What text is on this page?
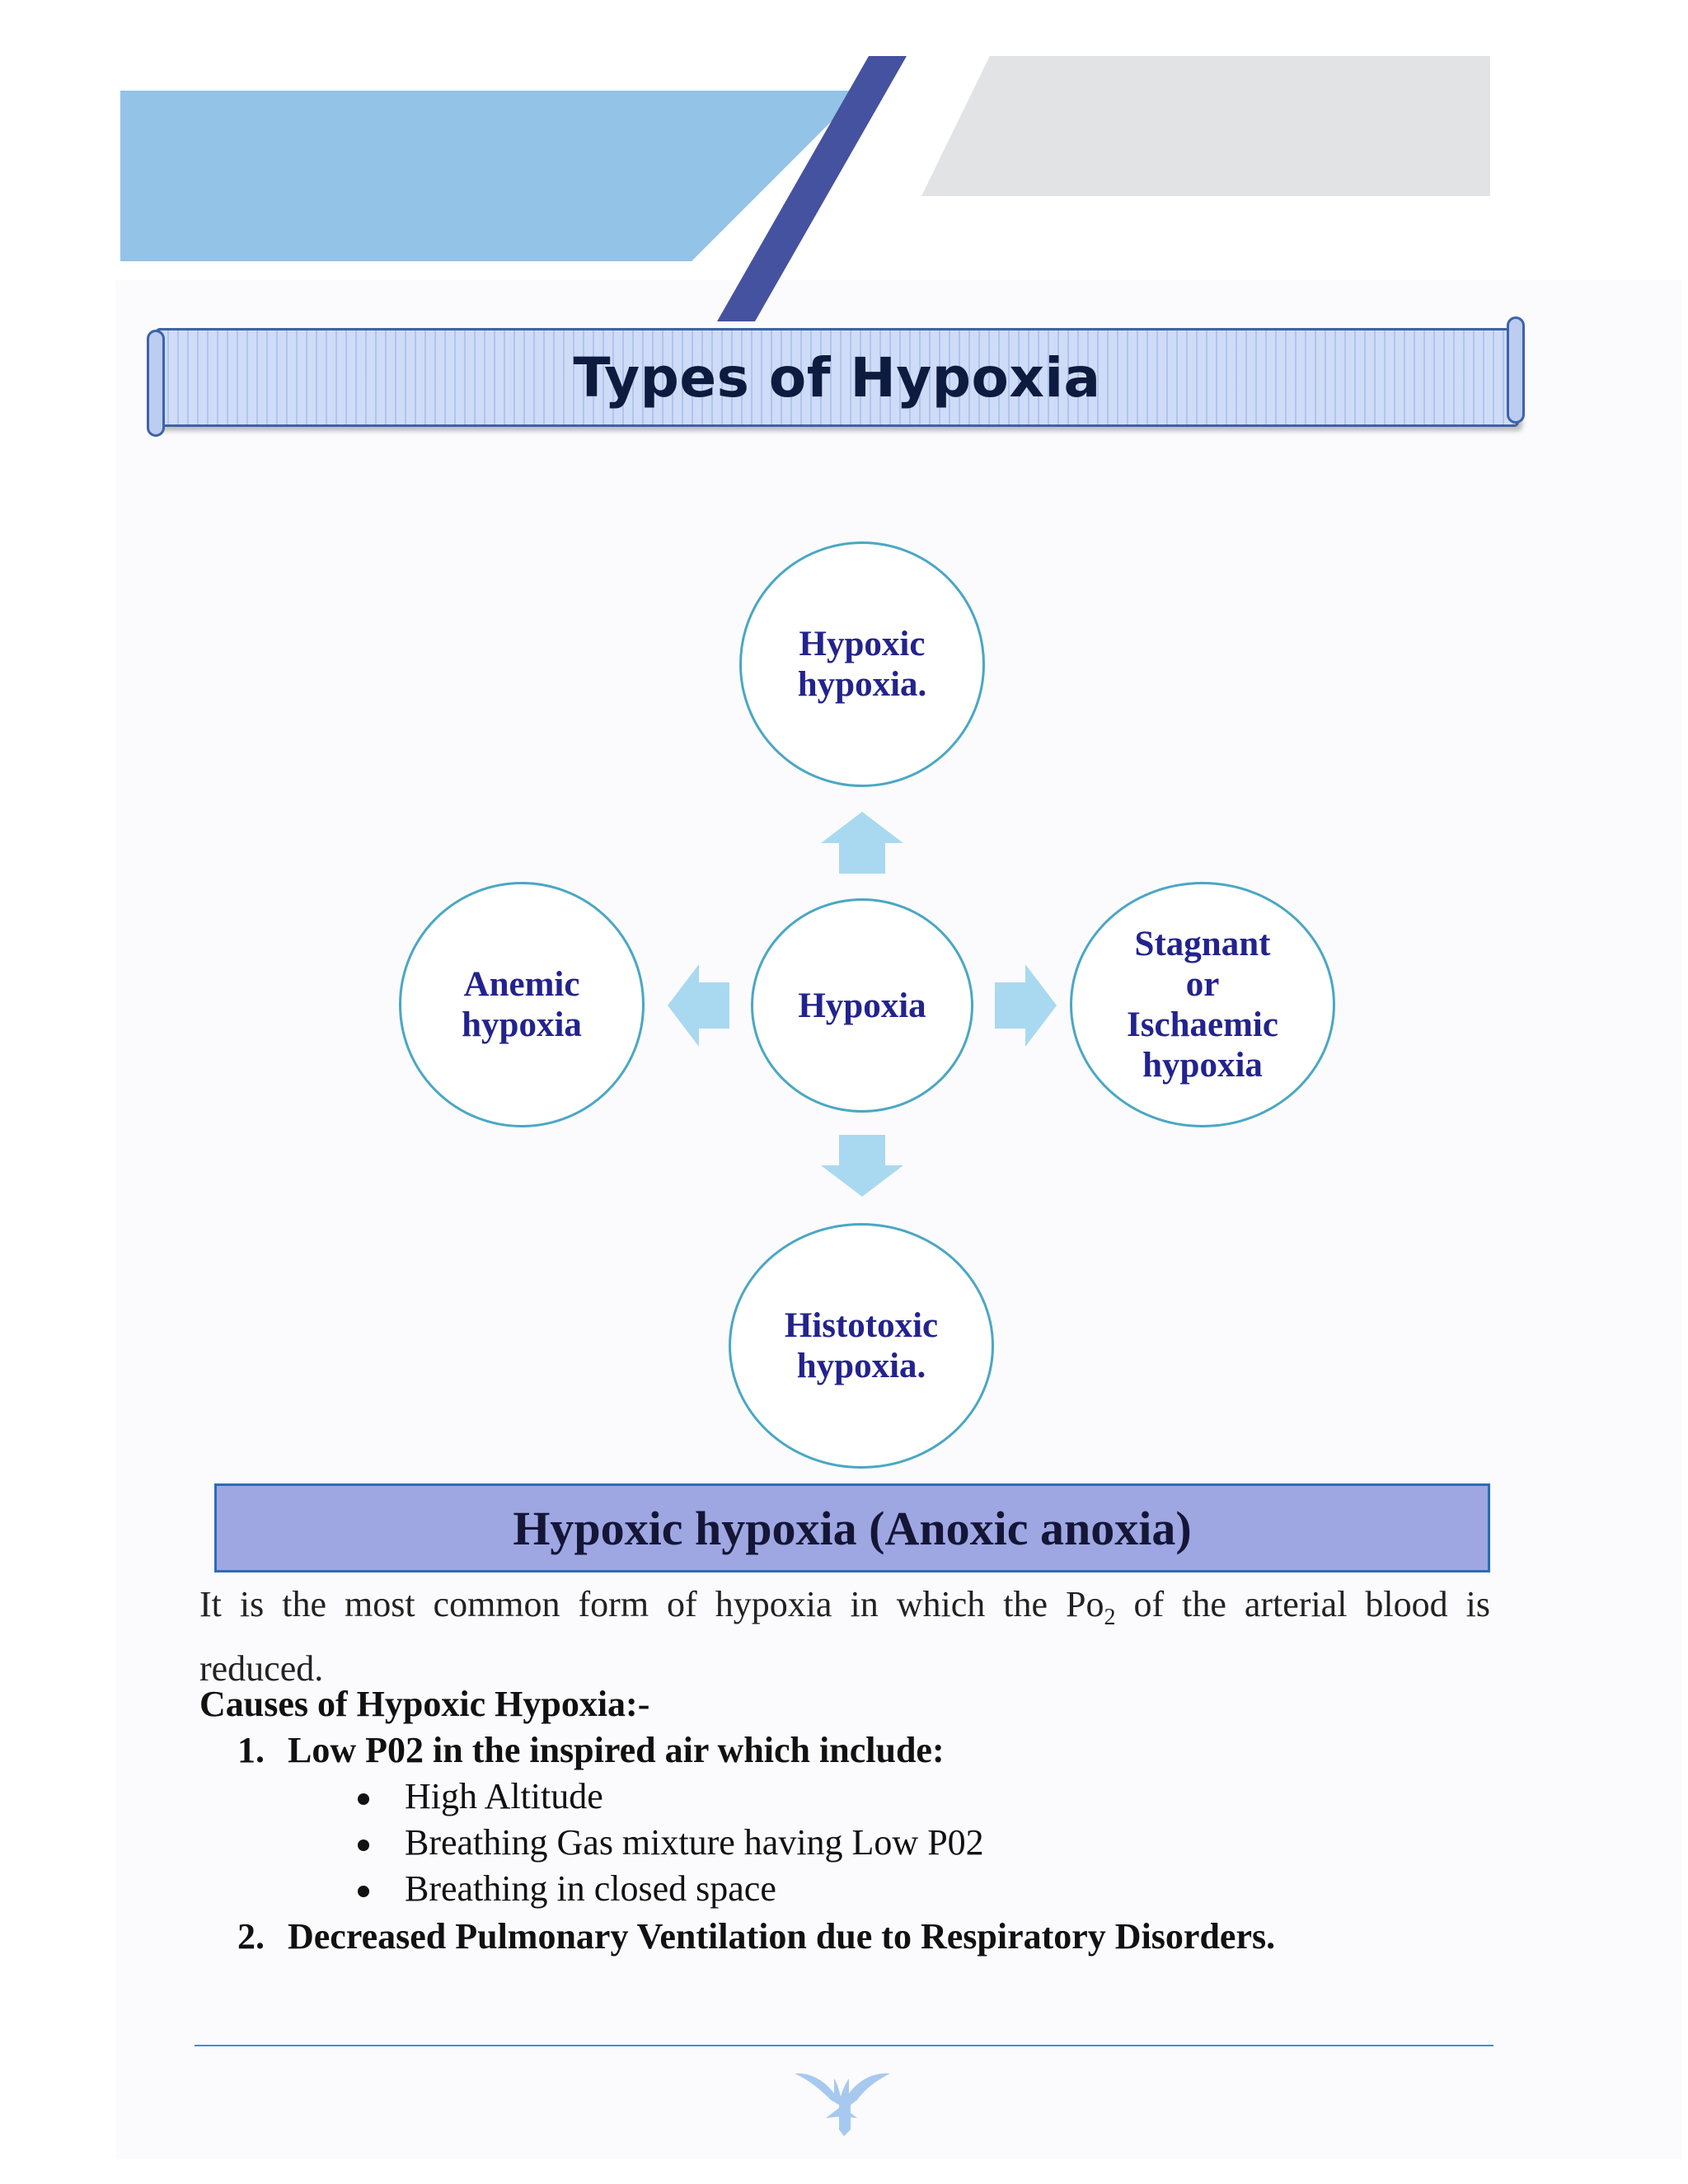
Types of Hypoxia
Hypoxic
hypoxia.
Anemic
hypoxia	Hypoxia
Stagnant
or
Ischaemic
hypoxia
Histotoxic
hypoxia.
Hypoxic hypoxia (Anoxic anoxia)
It is the most common form of hypoxia in which the $Po_2$ of the arterial blood is reduced.
Causes of Hypoxic Hypoxia:-
1. Low P02 in the inspired air which include:
High Altitude
Breathing Gas mixture having Low P02
Breathing in closed space
2. Decreased Pulmonary Ventilation due to Respiratory Disorders.
